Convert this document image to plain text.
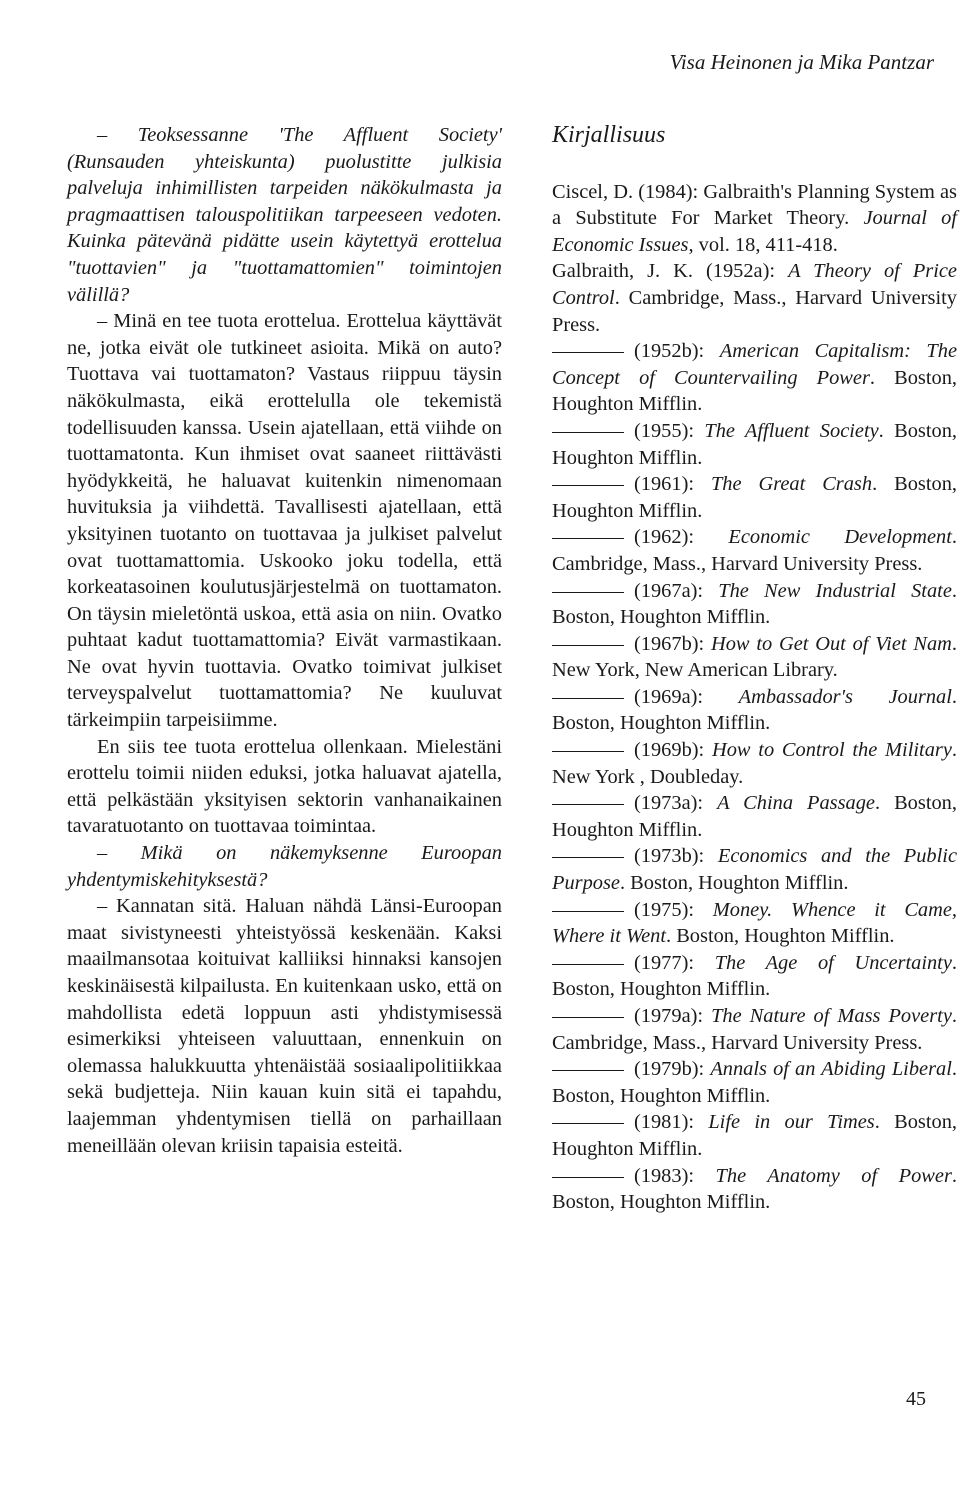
Visa Heinonen ja Mika Pantzar

– Teoksessanne 'The Affluent Society' (Runsauden yhteiskunta) puolustitte julkisia palveluja inhimillisten tarpeiden näkökulmasta ja pragmaattisen talouspolitiikan tarpeeseen vedoten. Kuinka pätevänä pidätte usein käytettyä erottelua "tuottavien" ja "tuottamattomien" toimintojen välillä?

– Minä en tee tuota erottelua. Erottelua käyttävät ne, jotka eivät ole tutkineet asioita. Mikä on auto? Tuottava vai tuottamaton? Vastaus riippuu täysin näkökulmasta, eikä erottelulla ole tekemistä todellisuuden kanssa. Usein ajatellaan, että viihde on tuottamatonta. Kun ihmiset ovat saaneet riittävästi hyödykkeitä, he haluavat kuitenkin nimenomaan huvituksia ja viihdettä. Tavallisesti ajatellaan, että yksityinen tuotanto on tuottavaa ja julkiset palvelut ovat tuottamattomia. Uskooko joku todella, että korkeatasoinen koulutusjärjestelmä on tuottamaton. On täysin mieletöntä uskoa, että asia on niin. Ovatko puhtaat kadut tuottamattomia? Eivät varmastikaan. Ne ovat hyvin tuottavia. Ovatko toimivat julkiset terveyspalvelut tuottamattomia? Ne kuuluvat tärkeimpiin tarpeisiimme.

En siis tee tuota erottelua ollenkaan. Mielestäni erottelu toimii niiden eduksi, jotka haluavat ajatella, että pelkästään yksityisen sektorin vanhanaikainen tavaratuotanto on tuottavaa toimintaa.

– Mikä on näkemyksenne Euroopan yhdentymiskehityksestä?

– Kannatan sitä. Haluan nähdä Länsi-Euroopan maat sivistyneesti yhteistyössä keskenään. Kaksi maailmansotaa koituivat kalliiksi hinnaksi kansojen keskinäisestä kilpailusta. En kuitenkaan usko, että on mahdollista edetä loppuun asti yhdistymisessä esimerkiksi yhteiseen valuuttaan, ennenkuin on olemassa halukkuutta yhtenäistää sosiaalipolitiikkaa sekä budjetteja. Niin kauan kuin sitä ei tapahdu, laajemman yhdentymisen tiellä on parhaillaan meneillään olevan kriisin tapaisia esteitä.

Kirjallisuus

Ciscel, D. (1984): Galbraith's Planning System as a Substitute For Market Theory. Journal of Economic Issues, vol. 18, 411-418.

Galbraith, J. K. (1952a): A Theory of Price Control. Cambridge, Mass., Harvard University Press.

(1952b): American Capitalism: The Concept of Countervailing Power. Boston, Houghton Mifflin.

(1955): The Affluent Society. Boston, Houghton Mifflin.

(1961): The Great Crash. Boston, Houghton Mifflin.

(1962): Economic Development. Cambridge, Mass., Harvard University Press.

(1967a): The New Industrial State. Boston, Houghton Mifflin.

(1967b): How to Get Out of Viet Nam. New York, New American Library.

(1969a): Ambassador's Journal. Boston, Houghton Mifflin.

(1969b): How to Control the Military. New York , Doubleday.

(1973a): A China Passage. Boston, Houghton Mifflin.

(1973b): Economics and the Public Purpose. Boston, Houghton Mifflin.

(1975): Money. Whence it Came, Where it Went. Boston, Houghton Mifflin.

(1977): The Age of Uncertainty. Boston, Houghton Mifflin.

(1979a): The Nature of Mass Poverty. Cambridge, Mass., Harvard University Press.

(1979b): Annals of an Abiding Liberal. Boston, Houghton Mifflin.

(1981): Life in our Times. Boston, Houghton Mifflin.

(1983): The Anatomy of Power. Boston, Houghton Mifflin.

45
